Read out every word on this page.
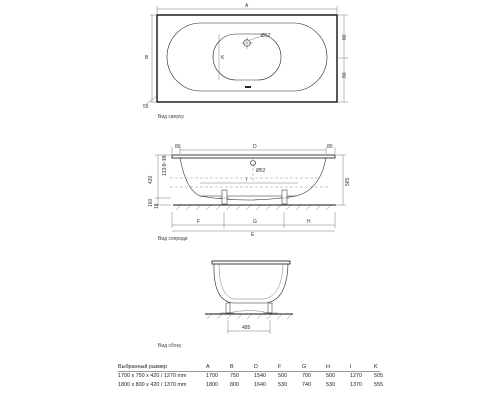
Ø52
K
A
B
80
80
55
Вид сверху
Ø52
I
80	D	80
F	G	H
E
420
133,5
15
160 18
565
Вид спереди
485
Вид сбоку
Выбранный размер	A	B	D	F	G	H	I	K
1700 x 750 x 420 / 1270 mm	1700	750	1540	500	700	500	1270	505
1800 x 800 x 420 / 1370 mm	1800	800	1640	530	740	530	1370	555
